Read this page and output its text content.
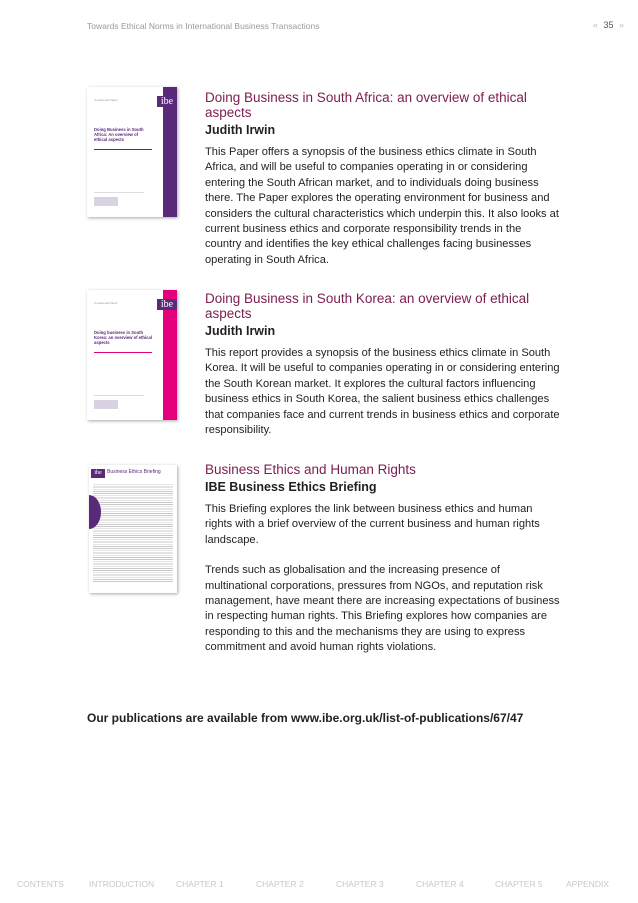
Towards Ethical Norms in International Business Transactions	« 35 »
ibe
Occasional Paper
Doing Business in South Africa: An overview of ethical aspects

Doing Business in South Africa: an overview of ethical aspects

Judith Irwin

This Paper offers a synopsis of the business ethics climate in South Africa, and will be useful to companies operating in or considering entering the South African market, and to individuals doing business there. The Paper explores the operating environment for business and considers the cultural characteristics which underpin this. It also looks at current business ethics and corporate responsibility trends in the country and identifies the key ethical challenges facing businesses operating in South Africa.

ibe
Occasional Paper
Doing business in South Korea: an overview of ethical aspects

Doing Business in South Korea: an overview of ethical aspects

Judith Irwin

This report provides a synopsis of the business ethics climate in South Korea. It will be useful to companies operating in or considering entering the South Korean market. It explores the cultural factors influencing business ethics in South Korea, the salient business ethics challenges that companies face and current trends in business ethics and corporate responsibility.

ibe	Business Ethics Briefing	Business Ethics and Human Rights

IBE Business Ethics Briefing

This Briefing explores the link between business ethics and human rights with a brief overview of the current business and human rights landscape.

Trends such as globalisation and the increasing presence of multinational corporations, pressures from NGOs, and reputation risk management, have meant there are increasing expectations of business in respecting human rights. This Briefing explores how companies are responding to this and the mechanisms they are using to express commitment and avoid human rights violations.

Our publications are available from www.ibe.org.uk/list-of-publications/67/47

CONTENTS	INTRODUCTION	CHAPTER 1	CHAPTER 2	CHAPTER 3	CHAPTER 4	CHAPTER 5	APPENDIX
